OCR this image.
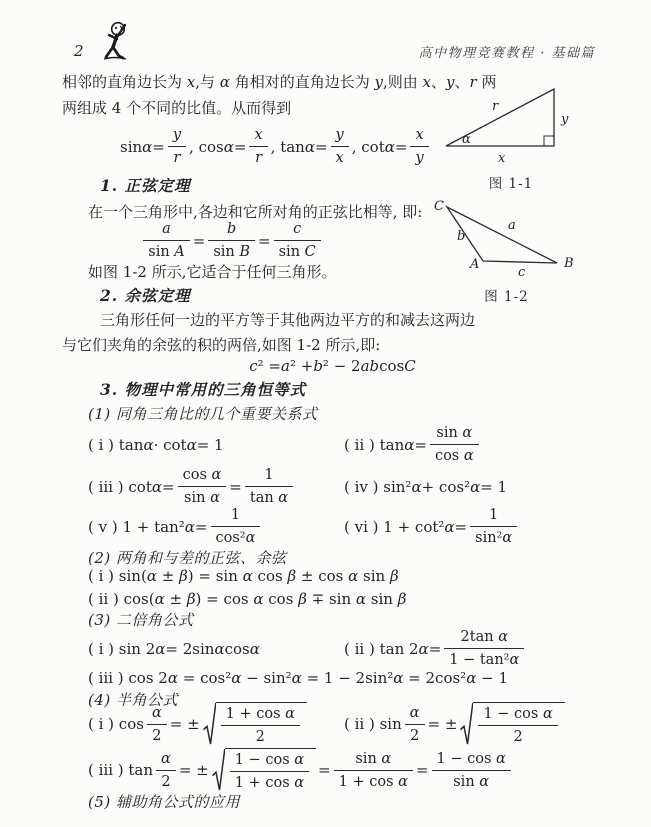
2	高中物理竞赛教程 · 基础篇
相邻的直角边长为 x,与 α 角相对的直角边长为 y,则由 x、y、r 两
两组成 4 个不同的比值。从而得到
$\sin \alpha = \frac{y}{r}$ , $\cos \alpha = \frac{x}{r}$ , $\tan \alpha = \frac{y}{x}$ , $\cot \alpha = \frac{x}{y}$
r
y
x
α
图 1-1
1. 正弦定理
在一个三角形中,各边和它所对角的正弦比相等, 即:
$\frac{a}{\text{sin A}} = \frac{b}{\text{sin B}} = \frac{c}{\text{sin C}}$
如图 1-2 所示,它适合于任何三角形。
C
A	B
a
b
c
图 1-2
2. 余弦定理
三角形任何一边的平方等于其他两边平方的和减去这两边
与它们夹角的余弦的积的两倍,如图 1-2 所示,即:
c ² = a ² + b ² − 2 ab cos C
3. 物理中常用的三角恒等式
(1) 同角三角比的几个重要关系式
( ⅰ ) tan α · cot α = 1	( ⅱ ) $\tan \alpha = \frac{\text{sin α}}{\text{cos α}}$
( ⅲ ) $\cot \alpha = \frac{\text{cos α}}{\text{sin α}} = \frac{1}{\text{tan α}}$	( ⅳ ) sin² α + cos² α = 1
( ⅴ ) 1 + tan² $\alpha = \frac{1}{\text{cos²α}}$	( ⅵ ) 1 + cot² $\alpha = \frac{1}{\text{sin²α}}$
(2) 两角和与差的正弦、余弦
( ⅰ ) sin(α ± β) = sin α cos β ± cos α sin β
( ⅱ ) cos(α ± β) = cos α cos β ∓ sin α sin β
(3) 二倍角公式
( ⅰ ) sin 2 α = 2sin α cos α	( ⅱ ) tan 2 $\alpha = \frac{\text{2tan α}}{\text{1 − tan²α}}$
( ⅲ ) cos 2α = cos²α − sin²α = 1 − 2sin²α = 2cos²α − 1
(4) 半角公式
( ⅰ ) $\cos \frac{\alpha}{2}$ = ± $\frac{\text{1 + cos α}}{2}$	( ⅱ ) $\sin \frac{\alpha}{2}$ = ± $\frac{\text{1 − cos α}}{2}$
( ⅲ ) $\tan \frac{\alpha}{2}$ = ± $\frac{\text{1 − cos α}}{\text{1 + cos α}} = \frac{\text{sin α}}{\text{1 + cos α}} = \frac{\text{1 − cos α}}{\text{sin α}}$
(5) 辅助角公式的应用
